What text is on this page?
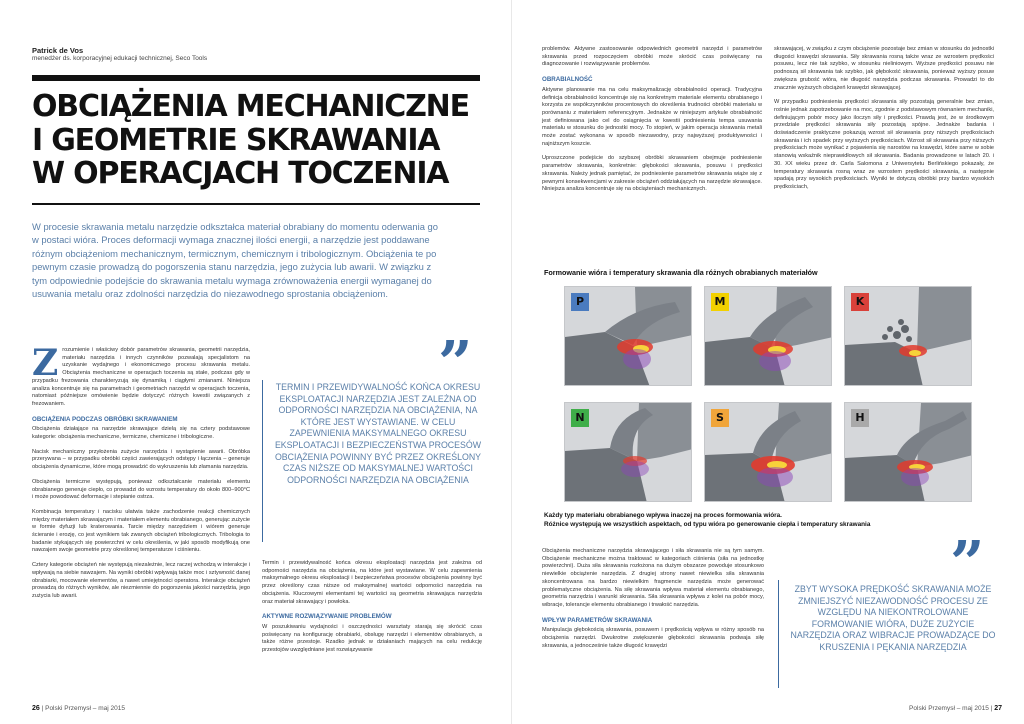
Patrick de Vos
menedżer ds. korporacyjnej edukacji technicznej, Seco Tools
OBCIĄŻENIA MECHANICZNE
I GEOMETRIE SKRAWANIA
W OPERACJACH TOCZENIA
W procesie skrawania metalu narzędzie odkształca materiał obrabiany do momentu oderwania go w postaci wióra. Proces deformacji wymaga znacznej ilości energii, a narzędzie jest poddawane różnym obciążeniom mechanicznym, termicznym, chemicznym i tribologicznym. Obciążenia te po pewnym czasie prowadzą do pogorszenia stanu narzędzia, jego zużycia lub awarii. W związku z tym odpowiednie podejście do skrawania metalu wymaga zrównoważenia energii wymaganej do usuwania metalu oraz zdolności narzędzia do niezawodnego sprostania obciążeniom.

Zrozumienie i właściwy dobór parametrów skrawania, geometrii narzędzia, materiału narzędzia i innych czynników pozwalają specjalistom na uzyskanie wydajnego i ekonomicznego procesu skrawania metalu. Obciążenia mechaniczne w operacjach toczenia są stałe, podczas gdy w przypadku frezowania charakteryzują się dynamiką i ciągłymi zmianami. Niniejsza analiza koncentruje się na parametrach i geometriach narzędzi w operacjach toczenia, natomiast późniejsze omówienie będzie dotyczyć różnych kwestii związanych z frezowaniem.

OBCIĄŻENIA PODCZAS OBRÓBKI SKRAWANIEM

Obciążenia działające na narzędzie skrawające dzielą się na cztery podstawowe kategorie: obciążenia mechaniczne, termiczne, chemiczne i tribologiczne.

Nacisk mechaniczny przyłożenia zużycie narzędzia i wystąpienie awarii. Obróbka przerywana – w przypadku obróbki części zawierających odstępy i łączenia – generuje obciążenia dynamiczne, które mogą prowadzić do wykruszenia lub złamania narzędzia.

Obciążenia termiczne występują, ponieważ odkształcanie materiału elementu obrabianego generuje ciepło, co prowadzi do wzrostu temperatury do około 800–900°C i może powodować deformacje i stepianie ostrza.

Kombinacja temperatury i nacisku ułatwia także zachodzenie reakcji chemicznych między materiałem skrawającym i materiałem elementu obrabianego, generując zużycie w formie dyfuzji lub kraterowania. Tarcie między narzędziem i wiórem generuje ścieranie i erozję, co jest wynikiem tak zwanych obciążeń tribologicznych. Tribologia to badanie stykających się powierzchni w celu określenia, w jaki sposób modyfikują one nawzajem swoje geometrie przy określonej temperaturze i ciśnieniu.

Cztery kategorie obciążeń nie występują niezależnie, lecz raczej wchodzą w interakcje i wpływają na siebie nawzajem. Na wyniki obróbki wpływają także moc i sztywność danej obrabiarki, mocowanie elementów, a nawet umiejętności operatora. Interakcje obciążeń prowadzą do różnych wyników, ale niezmiennie do pogorszenia jakości narzędzia, jego zużycia lub awarii.

”
TERMIN I PRZEWIDYWALNOŚĆ KOŃCA OKRESU EKSPLOATACJI NARZĘDZIA JEST ZALEŻNA OD ODPORNOŚCI NARZĘDZIA NA OBCIĄŻENIA, NA KTÓRE JEST WYSTAWIANE. W CELU ZAPEWNIENIA MAKSYMALNEGO OKRESU EKSPLOATACJI I BEZPIECZEŃSTWA PROCESÓW OBCIĄŻENIA POWINNY BYĆ PRZEZ OKREŚLONY CZAS NIŻSZE OD MAKSYMALNEJ WARTOŚCI ODPORNOŚCI NARZĘDZIA NA OBCIĄŻENIA

Termin i przewidywalność końca okresu eksploatacji narzędzia jest zależna od odporności narzędzia na obciążenia, na które jest wystawiane. W celu zapewnienia maksymalnego okresu eksploatacji i bezpieczeństwa procesów obciążenia powinny być przez określony czas niższe od maksymalnej wartości odporności narzędzia na obciążenia. Kluczowymi elementami tej wartości są geometria skrawająca narzędzia oraz materiał skrawający i powłoka.

AKTYWNE ROZWIĄZYWANIE PROBLEMÓW

W poszukiwaniu wydajności i oszczędności warsztaty starają się skrócić czas poświęcany na konfigurację obrabiarki, obsługę narzędzi i elementów obrabianych, a także różne przestoje. Rzadko jednak w działaniach mających na celu redukcję przestojów uwzględniane jest rozwiązywanie

26 | Polski Przemysł – maj 2015

problemów. Aktywne zastosowanie odpowiednich geometrii narzędzi i parametrów skrawania przed rozpoczęciem obróbki może skrócić czas poświęcany na diagnozowanie i rozwiązywanie problemów.

OBRABIALNOŚĆ

Aktywne planowanie ma na celu maksymalizację obrabialności operacji. Tradycyjna definicja obrabialności koncentruje się na konkretnym materiale elementu obrabianego i korzysta ze współczynników procentowych do określenia trudności obróbki materiału w porównaniu z materiałem referencyjnym. Jednakże w niniejszym artykule obrabialność jest definiowana jako cel do osiągnięcia w kwestii podniesienia tempa usuwania materiału w stosunku do jednostki mocy. To stopień, w jakim operacja skrawania metali może zostać wykonana w sposób niezawodny, przy najwyższej produktywności i najniższym koszcie.

Uproszczone podejście do szybszej obróbki skrawaniem obejmuje podniesienie parametrów skrawania, konkretnie: głębokości skrawania, posuwu i prędkości skrawania. Należy jednak pamiętać, że podniesienie parametrów skrawania wiąże się z pewnymi konsekwencjami w zakresie obciążeń oddziałujących na narzędzie skrawające. Niniejsza analiza koncentruje się na obciążeniach mechanicznych.

skrawającej, w związku z czym obciążenie pozostaje bez zmian w stosunku do jednostki długości krawędzi skrawania. Siły skrawania rosną także wraz ze wzrostem prędkości posuwu, lecz nie tak szybko, w stosunku nieliniowym. Wyższe prędkości posuwu nie podnoszą sił skrawania tak szybko, jak głębokość skrawania, ponieważ wyższy posuw zwiększa grubość wióra, nie długość narzędzia podczas skrawania. Prowadzi to do znacznie wyższych obciążeń krawędzi skrawającej.

W przypadku podniesienia prędkości skrawania siły pozostają generalnie bez zmian, rośnie jednak zapotrzebowanie na moc, zgodnie z podstawowym równaniem mechaniki, definiującym pobór mocy jako iloczyn siły i prędkości. Prawdą jest, że w środkowym przedziale prędkości skrawania siły pozostają spójne. Jednakże badania i doświadczenie praktyczne pokazują wzrost sił skrawania przy niższych prędkościach skrawania i ich spadek przy wyższych prędkościach. Wzrost sił skrawania przy niższych prędkościach może wynikać z pojawienia się narostów na krawędzi, które same w sobie stanowią wskaźnik nieprawidłowych sił skrawania. Badania prowadzone w latach 20. i 30. XX wieku przez dr. Carla Salomona z Uniwersytetu Berlińskiego pokazały, że temperatury skrawania rosną wraz ze wzrostem prędkości skrawania, a następnie spadają przy wysokich prędkościach. Wyniki te dotyczą obróbki przy bardzo wysokich prędkościach,

Formowanie wióra i temperatury skrawania dla różnych obrabianych materiałów
P	M	K
N	S	H
Każdy typ materiału obrabianego wpływa inaczej na proces formowania wióra.
Różnice występują we wszystkich aspektach, od typu wióra po generowanie ciepła i temperatury skrawania

Obciążenia mechaniczne narzędzia skrawającego i siła skrawania nie są tym samym. Obciążenie mechaniczne można traktować w kategoriach ciśnienia (siła na jednostkę powierzchni). Duża siła skrawania rozłożona na dużym obszarze powoduje stosunkowo niewielkie obciążenie narzędzia. Z drugiej strony nawet niewielka siła skrawania skoncentrowana na bardzo niewielkim fragmencie narzędzia może generować problematyczne obciążenia. Na siłę skrawania wpływa materiał elementu obrabianego, geometria narzędzia i warunki skrawania. Siła skrawania wpływa z kolei na pobór mocy, wibracje, tolerancje elementu obrabianego i trwałość narzędzia.

WPŁYW PARAMETRÓW SKRAWANIA

Manipulacja głębokością skrawania, posuwem i prędkością wpływa w różny sposób na obciążenia narzędzi. Dwukrotne zwiększenie głębokości skrawania podwaja siłę skrawania, a jednocześnie także długość krawędzi

”
ZBYT WYSOKA PRĘDKOŚĆ SKRAWANIA MOŻE ZMNIEJSZYĆ NIEZAWODNOŚĆ PROCESU ZE WZGLĘDU NA NIEKONTROLOWANE FORMOWANIE WIÓRA, DUŻE ZUŻYCIE NARZĘDZIA ORAZ WIBRACJE PROWADZĄCE DO KRUSZENIA I PĘKANIA NARZĘDZIA
Polski Przemysł – maj 2015 | 27
